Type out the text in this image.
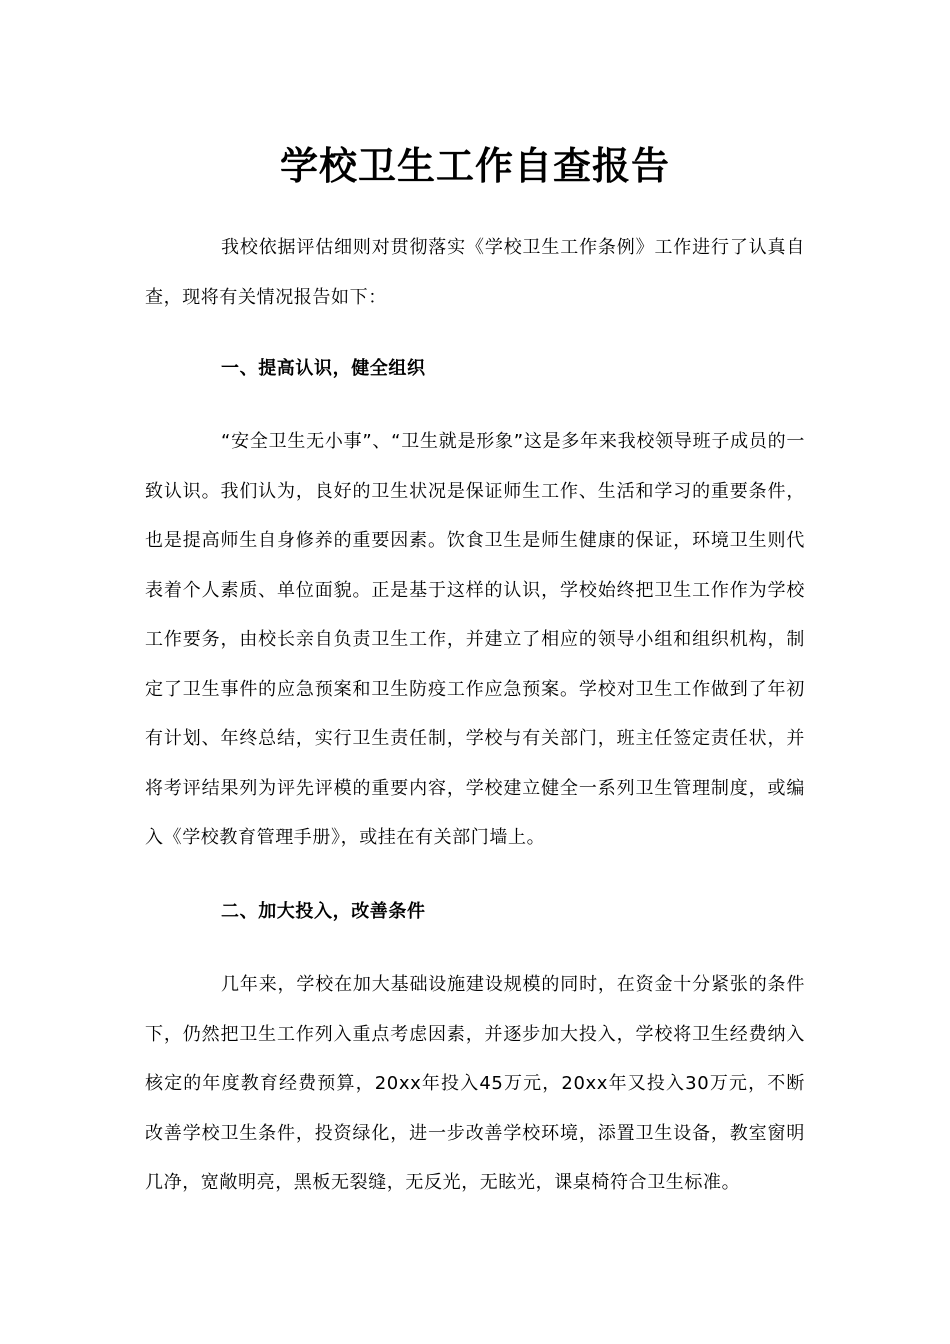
学校卫生工作自查报告

我校依据评估细则对贯彻落实《学校卫生工作条例》工作进行了认真自查，现将有关情况报告如下：

一、提高认识，健全组织

“安全卫生无小事”、“卫生就是形象”这是多年来我校领导班子成员的一致认识。我们认为，良好的卫生状况是保证师生工作、生活和学习的重要条件，也是提高师生自身修养的重要因素。饮食卫生是师生健康的保证，环境卫生则代表着个人素质、单位面貌。正是基于这样的认识，学校始终把卫生工作作为学校工作要务，由校长亲自负责卫生工作，并建立了相应的领导小组和组织机构，制定了卫生事件的应急预案和卫生防疫工作应急预案。学校对卫生工作做到了年初有计划、年终总结，实行卫生责任制，学校与有关部门，班主任签定责任状，并将考评结果列为评先评模的重要内容，学校建立健全一系列卫生管理制度，或编入《学校教育管理手册》，或挂在有关部门墙上。

二、加大投入，改善条件

几年来，学校在加大基础设施建设规模的同时，在资金十分紧张的条件下，仍然把卫生工作列入重点考虑因素，并逐步加大投入，学校将卫生经费纳入核定的年度教育经费预算，20xx年投入45万元，20xx年又投入30万元，不断改善学校卫生条件，投资绿化，进一步改善学校环境，添置卫生设备，教室窗明几净，宽敞明亮，黑板无裂缝，无反光，无眩光，课桌椅符合卫生标准。
